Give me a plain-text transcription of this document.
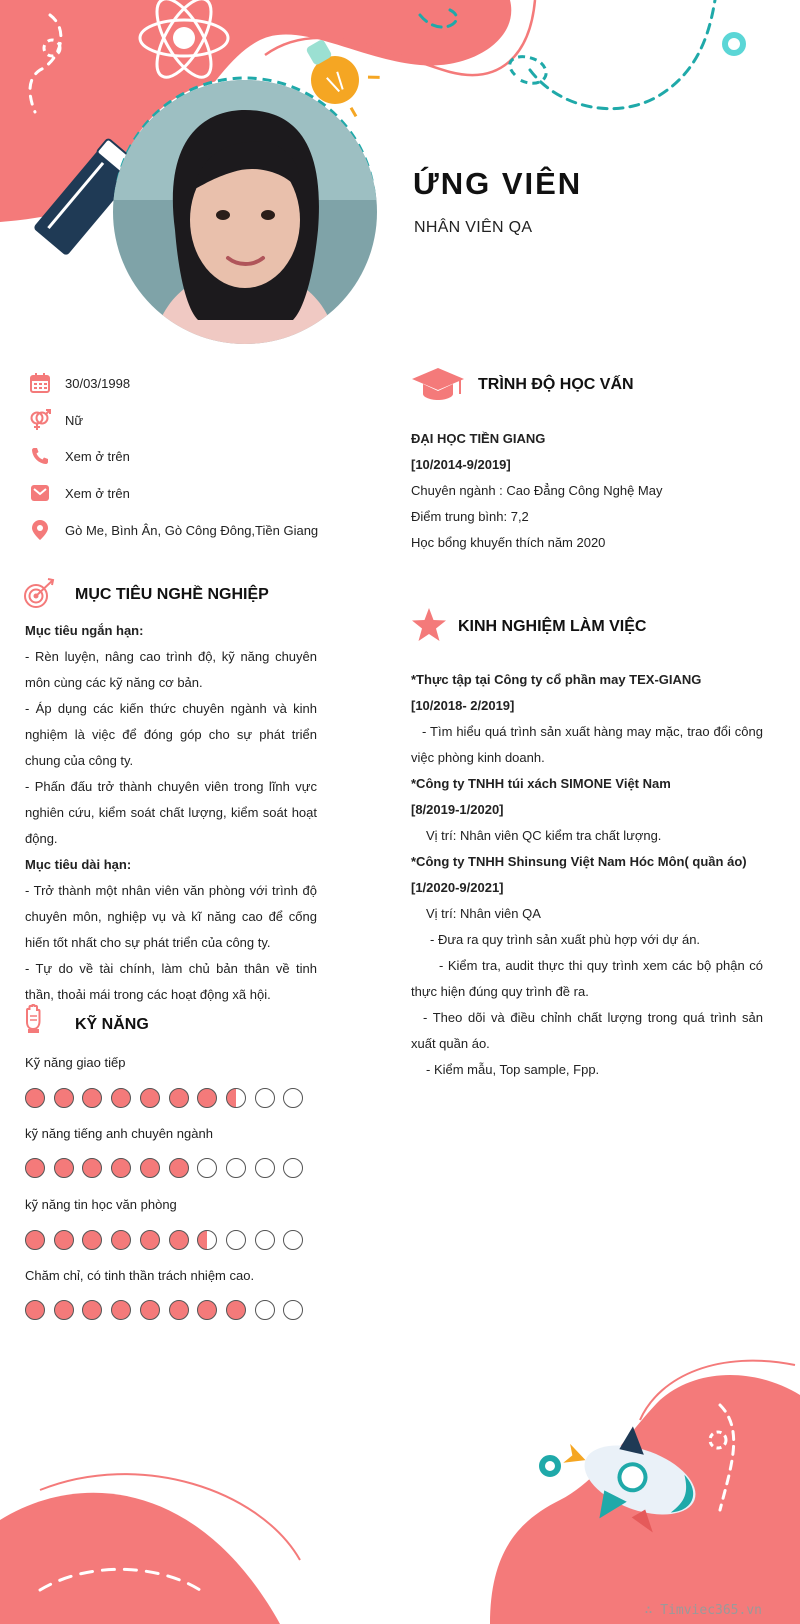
ỨNG VIÊN
NHÂN VIÊN QA
30/03/1998
Nữ
Xem ở trên
Xem ở trên
Gò Me, Bình Ân, Gò Công Đông,Tiền Giang
MỤC TIÊU NGHỀ NGHIỆP

Mục tiêu ngắn hạn:

- Rèn luyện, nâng cao trình độ, kỹ năng chuyên môn cùng các kỹ năng cơ bản.

- Áp dụng các kiến thức chuyên ngành và kinh nghiệm là việc để đóng góp cho sự phát triển chung của công ty.

- Phấn đấu trở thành chuyên viên trong lĩnh vực nghiên cứu, kiểm soát chất lượng, kiểm soát hoạt động.

Mục tiêu dài hạn:

- Trở thành một nhân viên văn phòng với trình độ chuyên môn, nghiệp vụ và kĩ năng cao để cống hiến tốt nhất cho sự phát triển của công ty.

- Tự do về tài chính, làm chủ bản thân về tinh thần, thoải mái trong các hoạt động xã hội.

KỸ NĂNG
Kỹ năng giao tiếp
kỹ năng tiếng anh chuyên ngành
kỹ năng tin học văn phòng
Chăm chỉ, có tinh thần trách nhiệm cao.
TRÌNH ĐỘ HỌC VẤN

ĐẠI HỌC TIỀN GIANG

[10/2014-9/2019]

Chuyên ngành : Cao Đẳng Công Nghệ May

Điểm trung bình: 7,2

Học bổng khuyến thích năm 2020

KINH NGHIỆM LÀM VIỆC

*Thực tập tại Công ty cổ phần may TEX-GIANG

[10/2018- 2/2019]

- Tìm hiểu quá trình sản xuất hàng may mặc, trao đổi công việc phòng kinh doanh.

*Công ty TNHH túi xách SIMONE Việt Nam

[8/2019-1/2020]

Vị trí: Nhân viên QC kiểm tra chất lượng.

*Công ty TNHH Shinsung Việt Nam Hóc Môn( quần áo)

[1/2020-9/2021]

Vị trí: Nhân viên QA

- Đưa ra quy trình sản xuất phù hợp với dự án.

- Kiểm tra, audit thực thi quy trình xem các bộ phận có thực hiện đúng quy trình đề ra.

- Theo dõi và điều chỉnh chất lượng trong quá trình sản xuất quần áo.

- Kiểm mẫu, Top sample, Fpp.

∴ Timviec365.vn
